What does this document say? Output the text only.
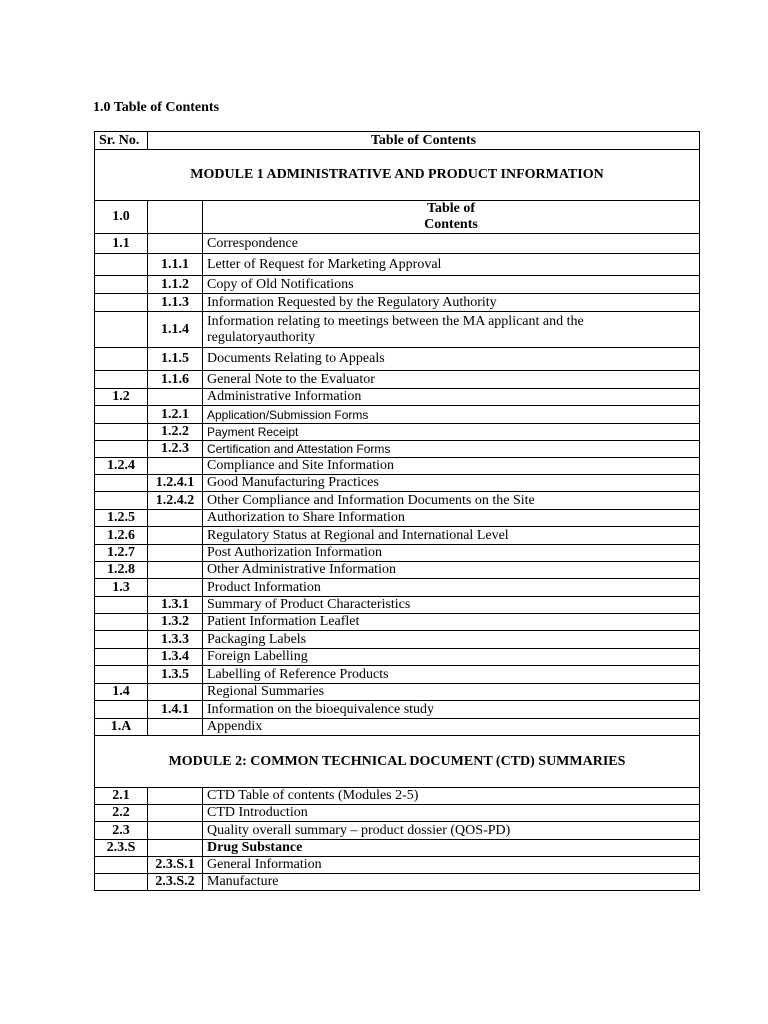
1.0 Table of Contents
Sr. No.	Table of Contents	
MODULE 1 ADMINISTRATIVE AND PRODUCT INFORMATION		
1.0		Table of
Contents

1.1		Correspondence
	1.1.1	Letter of Request for Marketing Approval
	1.1.2	Copy of Old Notifications
	1.1.3	Information Requested by the Regulatory Authority
	1.1.4	Information relating to meetings between the MA applicant and the regulatoryauthority
	1.1.5	Documents Relating to Appeals
	1.1.6	General Note to the Evaluator
1.2		Administrative Information
	1.2.1	Application/Submission Forms
	1.2.2	Payment Receipt
	1.2.3	Certification and Attestation Forms
1.2.4		Compliance and Site Information
	1.2.4.1	Good Manufacturing Practices
	1.2.4.2	Other Compliance and Information Documents on the Site
1.2.5		Authorization to Share Information
1.2.6		Regulatory Status at Regional and International Level
1.2.7		Post Authorization Information
1.2.8		Other Administrative Information
1.3		Product Information
	1.3.1	Summary of Product Characteristics
	1.3.2	Patient Information Leaflet
	1.3.3	Packaging Labels
	1.3.4	Foreign Labelling
	1.3.5	Labelling of Reference Products
1.4		Regional Summaries
	1.4.1	Information on the bioequivalence study
1.A		Appendix
MODULE 2: COMMON TECHNICAL DOCUMENT (CTD) SUMMARIES		
2.1		CTD Table of contents (Modules 2-5)
2.2		CTD Introduction
2.3		Quality overall summary – product dossier (QOS-PD)
2.3.S		Drug Substance
	2.3.S.1	General Information
	2.3.S.2	Manufacture
